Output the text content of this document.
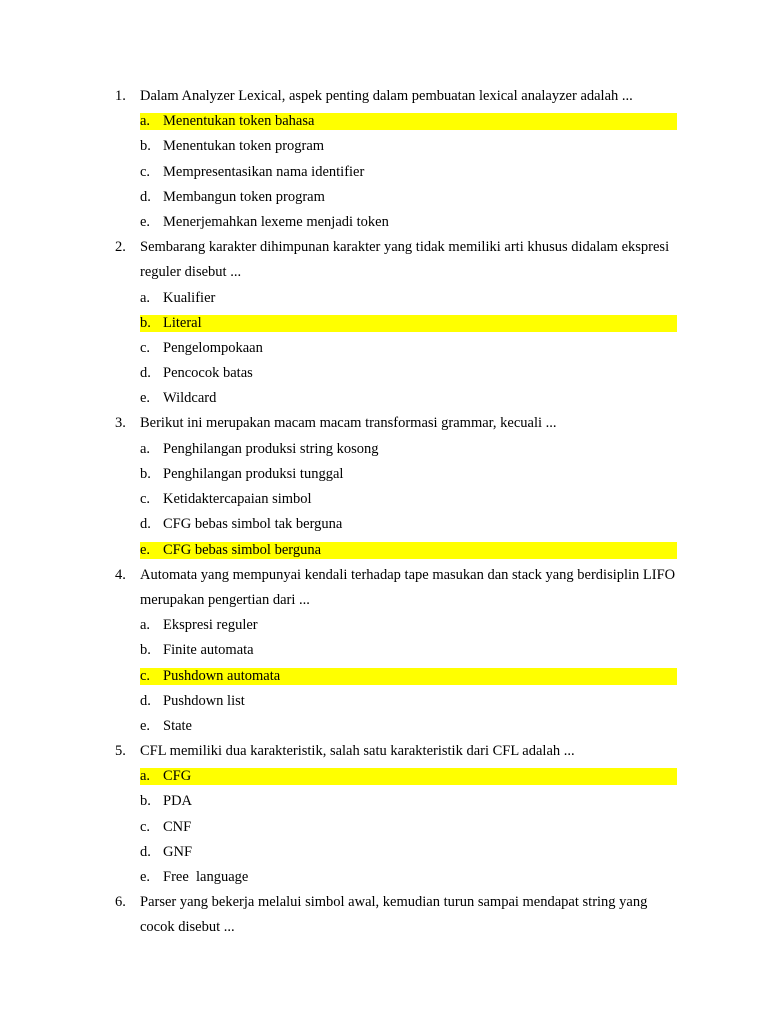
1. Dalam Analyzer Lexical, aspek penting dalam pembuatan lexical analayzer adalah ...
a. Menentukan token bahasa
b. Menentukan token program
c. Mempresentasikan nama identifier
d. Membangun token program
e. Menerjemahkan lexeme menjadi token
2. Sembarang karakter dihimpunan karakter yang tidak memiliki arti khusus didalam ekspresi reguler disebut ...
a. Kualifier
b. Literal
c. Pengelompokaan
d. Pencocok batas
e. Wildcard
3. Berikut ini merupakan macam macam transformasi grammar, kecuali ...
a. Penghilangan produksi string kosong
b. Penghilangan produksi tunggal
c. Ketidaktercapaian simbol
d. CFG bebas simbol tak berguna
e. CFG bebas simbol berguna
4. Automata yang mempunyai kendali terhadap tape masukan dan stack yang berdisiplin LIFO merupakan pengertian dari ...
a. Ekspresi reguler
b. Finite automata
c. Pushdown automata
d. Pushdown list
e. State
5. CFL memiliki dua karakteristik, salah satu karakteristik dari CFL adalah ...
a. CFG
b. PDA
c. CNF
d. GNF
e. Free  language
6. Parser yang bekerja melalui simbol awal, kemudian turun sampai mendapat string yang cocok disebut ...
